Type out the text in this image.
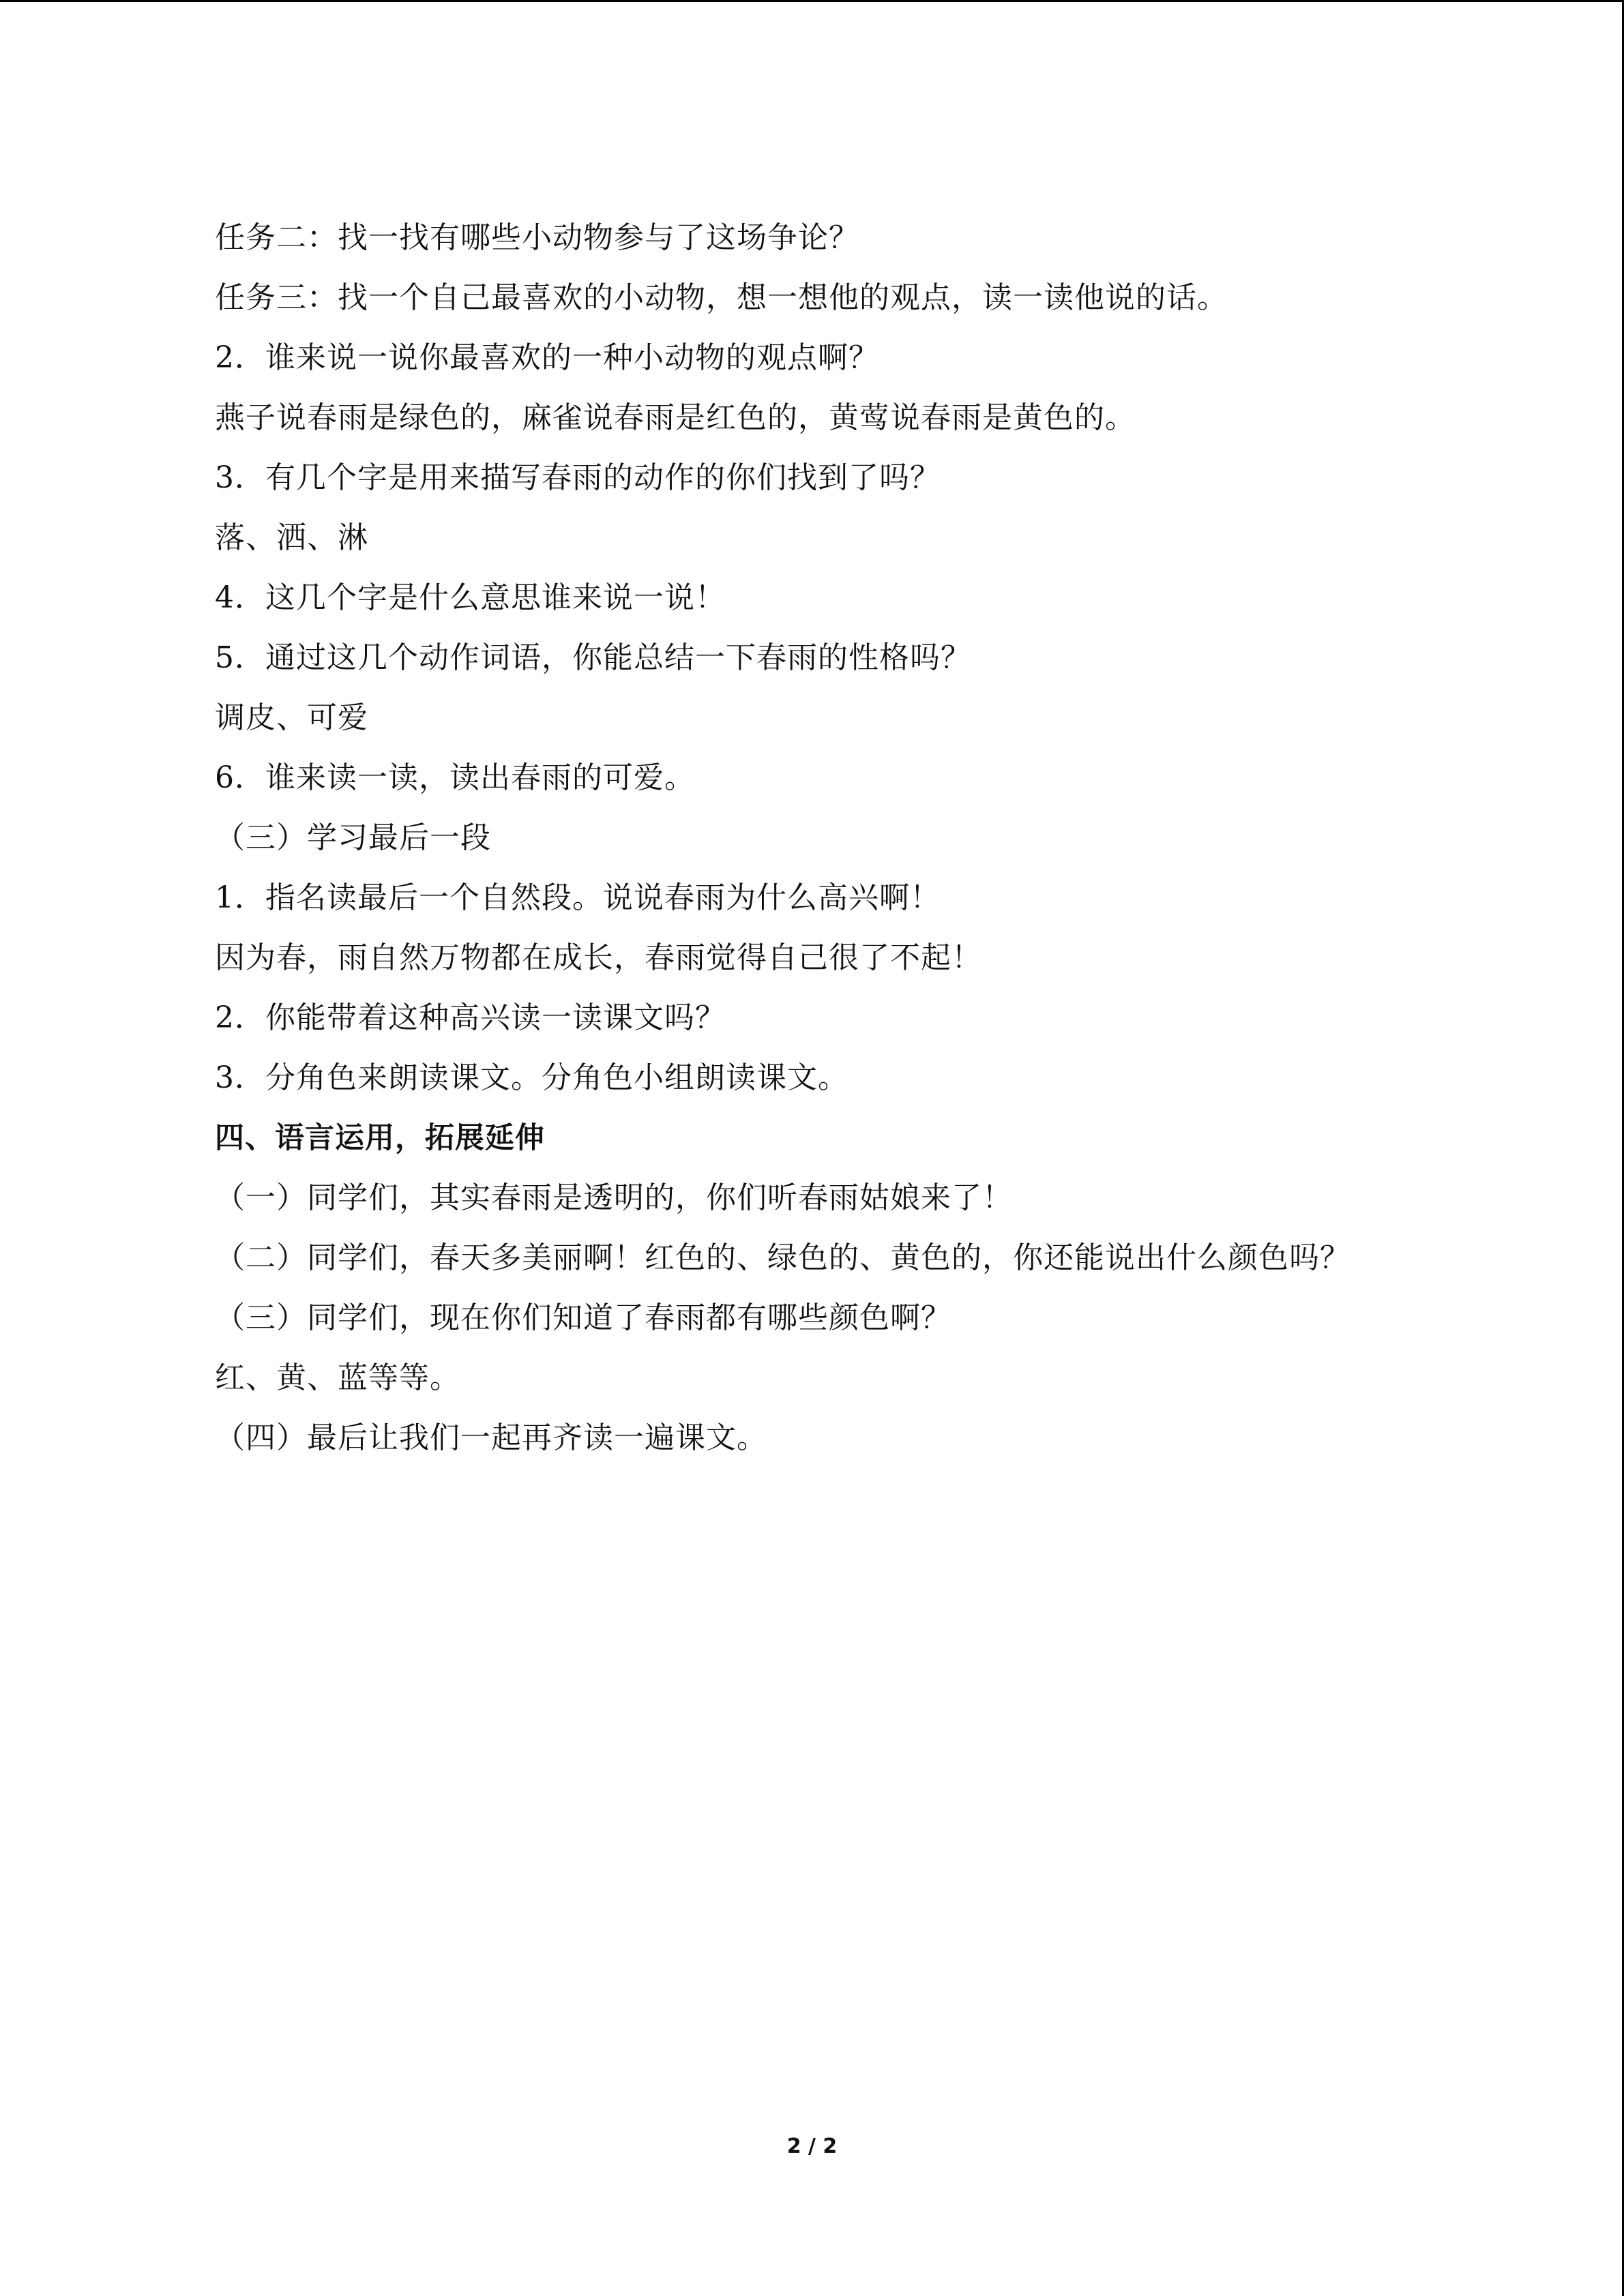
任务二：找一找有哪些小动物参与了这场争论？
任务三：找一个自己最喜欢的小动物，想一想他的观点，读一读他说的话。
2．谁来说一说你最喜欢的一种小动物的观点啊？
燕子说春雨是绿色的，麻雀说春雨是红色的，黄莺说春雨是黄色的。
3．有几个字是用来描写春雨的动作的你们找到了吗？
落、洒、淋
4．这几个字是什么意思谁来说一说！
5．通过这几个动作词语，你能总结一下春雨的性格吗？
调皮、可爱
6．谁来读一读，读出春雨的可爱。
（三）学习最后一段
1．指名读最后一个自然段。说说春雨为什么高兴啊！
因为春，雨自然万物都在成长，春雨觉得自己很了不起！
2．你能带着这种高兴读一读课文吗？
3．分角色来朗读课文。分角色小组朗读课文。
四、语言运用，拓展延伸
（一）同学们，其实春雨是透明的，你们听春雨姑娘来了！
（二）同学们，春天多美丽啊！红色的、绿色的、黄色的，你还能说出什么颜色吗？
（三）同学们，现在你们知道了春雨都有哪些颜色啊？
红、黄、蓝等等。
（四）最后让我们一起再齐读一遍课文。
2 / 2
